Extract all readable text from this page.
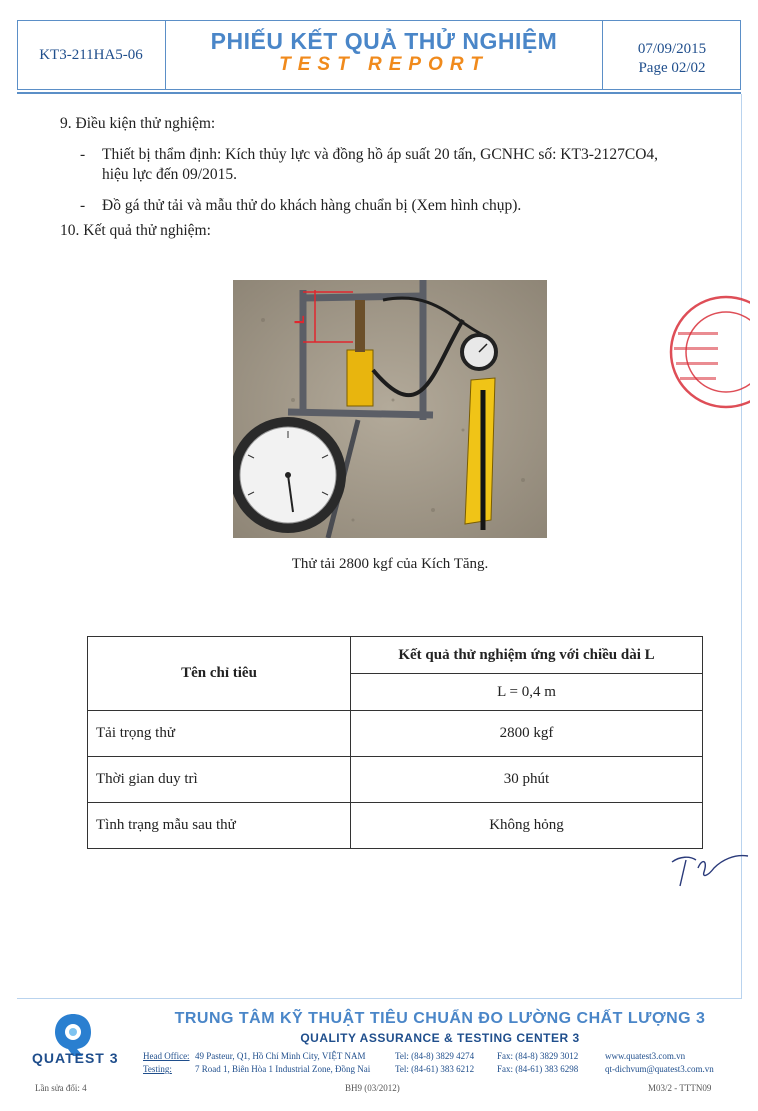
KT3-211HA5-06
PHIẾU KẾT QUẢ THỬ NGHIỆM
TEST REPORT
07/09/2015
Page 02/02
9. Điều kiện thử nghiệm:
- Thiết bị thẩm định: Kích thủy lực và đồng hồ áp suất 20 tấn, GCNHC số: KT3-2127CO4,
hiệu lực đến 09/2015.
- Đồ gá thử tải và mẫu thử do khách hàng chuẩn bị (Xem hình chụp).
10. Kết quả thử nghiệm:
L
Thử tải 2800 kgf của Kích Tăng.
Tên chỉ tiêu	Kết quả thử nghiệm ứng với chiều dài L
	L = 0,4 m
Tải trọng thử	2800 kgf
Thời gian duy trì	30 phút
Tình trạng mẫu sau thử	Không hỏng
QUATEST 3
TRUNG TÂM KỸ THUẬT TIÊU CHUẨN ĐO LƯỜNG CHẤT LƯỢNG 3
QUALITY ASSURANCE & TESTING CENTER 3
Head Office: 49 Pasteur, Q1, Hồ Chí Minh City, VIỆT NAM	Tel: (84-8) 3829 4274	Fax: (84-8) 3829 3012	www.quatest3.com.vn
Testing:	7 Road 1, Biên Hòa 1 Industrial Zone, Đồng Nai	Tel: (84-61) 383 6212	Fax: (84-61) 383 6298	qt-dichvum@quatest3.com.vn
Lần sửa đổi: 4	BH9 (03/2012)	M03/2 - TTTN09
